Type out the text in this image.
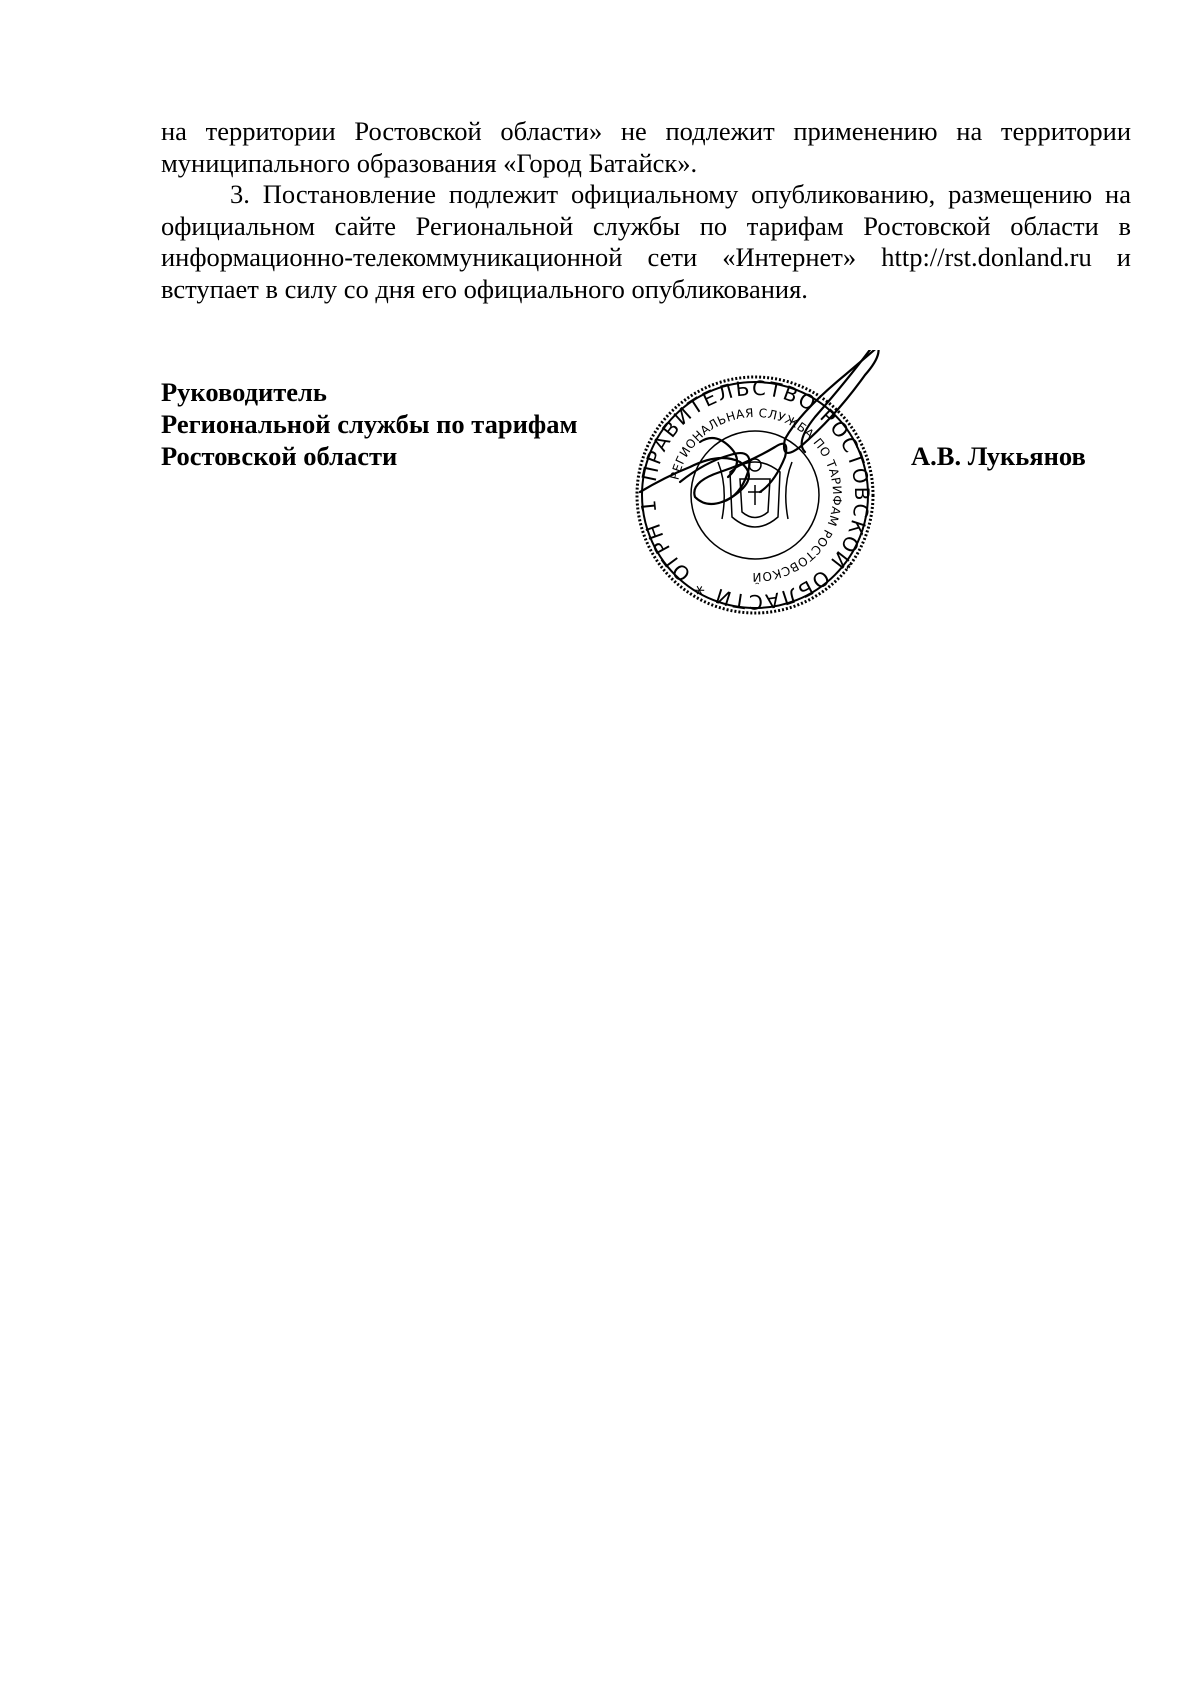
на территории Ростовской области» не подлежит применению на территории муниципального образования «Город Батайск».

3. Постановление подлежит официальному опубликованию, размещению на официальном сайте Региональной службы по тарифам Ростовской области в информационно-телекоммуникационной сети «Интернет» http://rst.donland.ru и вступает в силу со дня его официального опубликования.

Руководитель
Региональной службы по тарифам
Ростовской области	А.В. Лукьянов
ПРАВИТЕЛЬСТВО РОСТОВСКОЙ ОБЛАСТИ * ОГРН 1
РЕГИОНАЛЬНАЯ СЛУЖБА ПО ТАРИФАМ РОСТОВСКОЙ
